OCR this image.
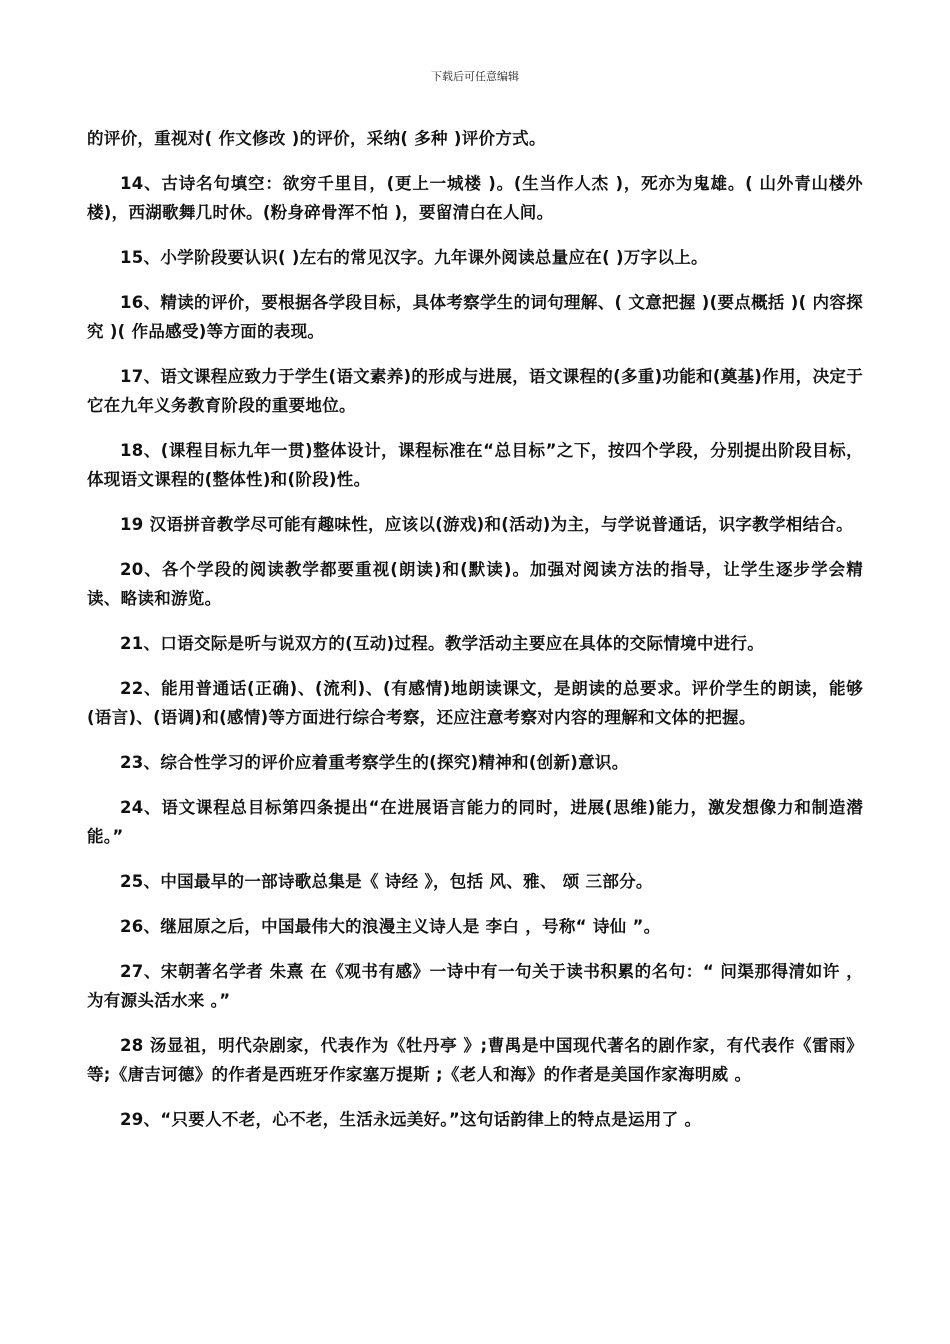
下载后可任意编辑

的评价，重视对( 作文修改 )的评价，采纳( 多种 )评价方式。

14、古诗名句填空：欲穷千里目，(更上一城楼 )。(生当作人杰 )，死亦为鬼雄。( 山外青山楼外楼)，西湖歌舞几时休。(粉身碎骨浑不怕 )，要留清白在人间。

15、小学阶段要认识( )左右的常见汉字。九年课外阅读总量应在( )万字以上。

16、精读的评价，要根据各学段目标，具体考察学生的词句理解、( 文意把握 )(要点概括 )( 内容探究 )( 作品感受)等方面的表现。

17、语文课程应致力于学生(语文素养)的形成与进展，语文课程的(多重)功能和(奠基)作用，决定于它在九年义务教育阶段的重要地位。

18、(课程目标九年一贯)整体设计，课程标准在“总目标”之下，按四个学段，分别提出阶段目标，体现语文课程的(整体性)和(阶段)性。

19 汉语拼音教学尽可能有趣味性，应该以(游戏)和(活动)为主，与学说普通话，识字教学相结合。

20、各个学段的阅读教学都要重视(朗读)和(默读)。加强对阅读方法的指导，让学生逐步学会精读、略读和游览。

21、口语交际是听与说双方的(互动)过程。教学活动主要应在具体的交际情境中进行。

22、能用普通话(正确)、(流利)、(有感情)地朗读课文，是朗读的总要求。评价学生的朗读，能够(语言)、(语调)和(感情)等方面进行综合考察，还应注意考察对内容的理解和文体的把握。

23、综合性学习的评价应着重考察学生的(探究)精神和(创新)意识。

24、语文课程总目标第四条提出“在进展语言能力的同时，进展(思维)能力，激发想像力和制造潜能。”

25、中国最早的一部诗歌总集是《 诗经 》，包括 风、雅、 颂 三部分。

26、继屈原之后，中国最伟大的浪漫主义诗人是 李白 ，号称“ 诗仙 ”。

27、宋朝著名学者 朱熹 在《观书有感》一诗中有一句关于读书积累的名句：“ 问渠那得清如许 ， 为有源头活水来 。”

28 汤显祖，明代杂剧家，代表作为《牡丹亭 》;曹禺是中国现代著名的剧作家，有代表作《雷雨》等;《唐吉诃德》的作者是西班牙作家塞万提斯 ;《老人和海》的作者是美国作家海明威 。

29、“只要人不老，心不老，生活永远美好。”这句话韵律上的特点是运用了 。
